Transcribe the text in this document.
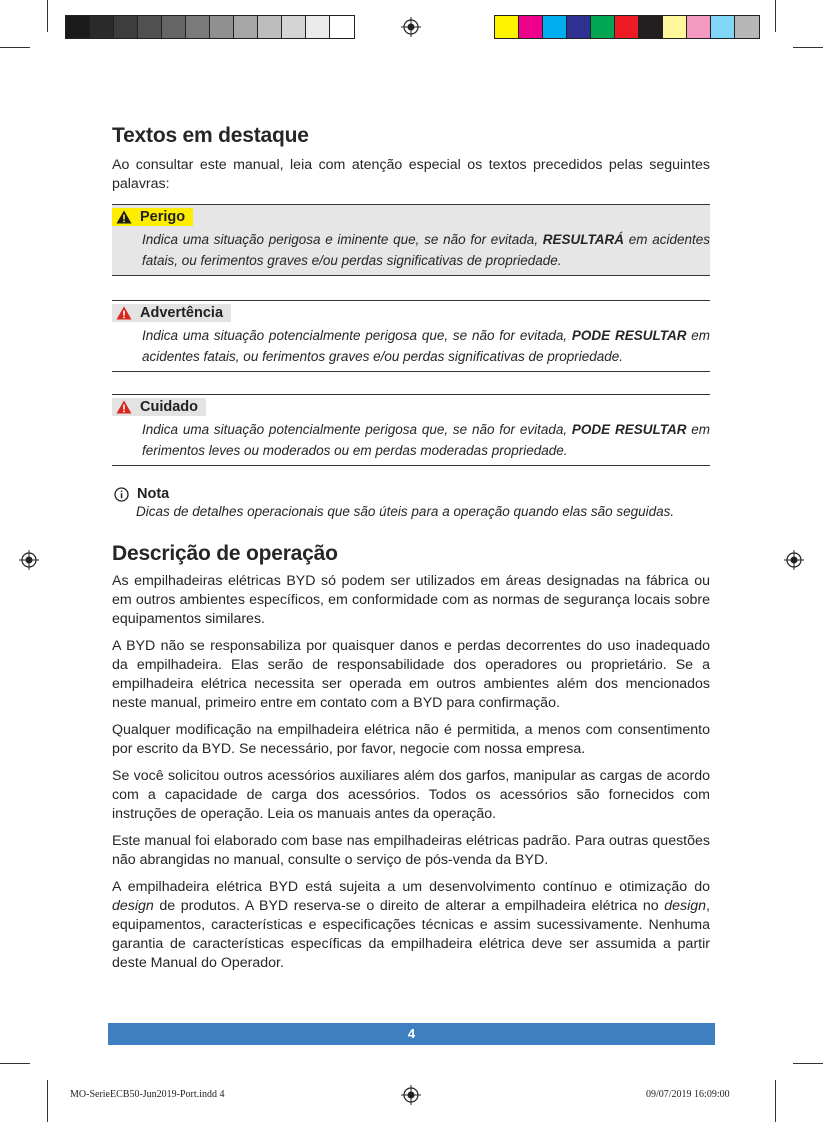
Textos em destaque

Ao consultar este manual, leia com atenção especial os textos precedidos pelas seguintes palavras:

Perigo
Indica uma situação perigosa e iminente que, se não for evitada, RESULTARÁ em acidentes fatais, ou ferimentos graves e/ou perdas significativas de propriedade.
Advertência
Indica uma situação potencialmente perigosa que, se não for evitada, PODE RESULTAR em acidentes fatais, ou ferimentos graves e/ou perdas significativas de propriedade.
Cuidado
Indica uma situação potencialmente perigosa que, se não for evitada, PODE RESULTAR em ferimentos leves ou moderados ou em perdas moderadas propriedade.
Nota
Dicas de detalhes operacionais que são úteis para a operação quando elas são seguidas.
Descrição de operação

As empilhadeiras elétricas BYD só podem ser utilizados em áreas designadas na fábrica ou em outros ambientes específicos, em conformidade com as normas de segurança locais sobre equipamentos similares.

A BYD não se responsabiliza por quaisquer danos e perdas decorrentes do uso inadequado da empilhadeira. Elas serão de responsabilidade dos operadores ou proprietário. Se a empilhadeira elétrica necessita ser operada em outros ambientes além dos mencionados neste manual, primeiro entre em contato com a BYD para confirmação.

Qualquer modificação na empilhadeira elétrica não é permitida, a menos com consentimento por escrito da BYD. Se necessário, por favor, negocie com nossa empresa.

Se você solicitou outros acessórios auxiliares além dos garfos, manipular as cargas de acordo com a capacidade de carga dos acessórios. Todos os acessórios são fornecidos com instruções de operação. Leia os manuais antes da operação.

Este manual foi elaborado com base nas empilhadeiras elétricas padrão. Para outras questões não abrangidas no manual, consulte o serviço de pós-venda da BYD.

A empilhadeira elétrica BYD está sujeita a um desenvolvimento contínuo e otimização do design de produtos. A BYD reserva-se o direito de alterar a empilhadeira elétrica no design, equipamentos, características e especificações técnicas e assim sucessivamente. Nenhuma garantia de características específicas da empilhadeira elétrica deve ser assumida a partir deste Manual do Operador.

4
MO-SerieECB50-Jun2019-Port.indd 4	09/07/2019 16:09:00
